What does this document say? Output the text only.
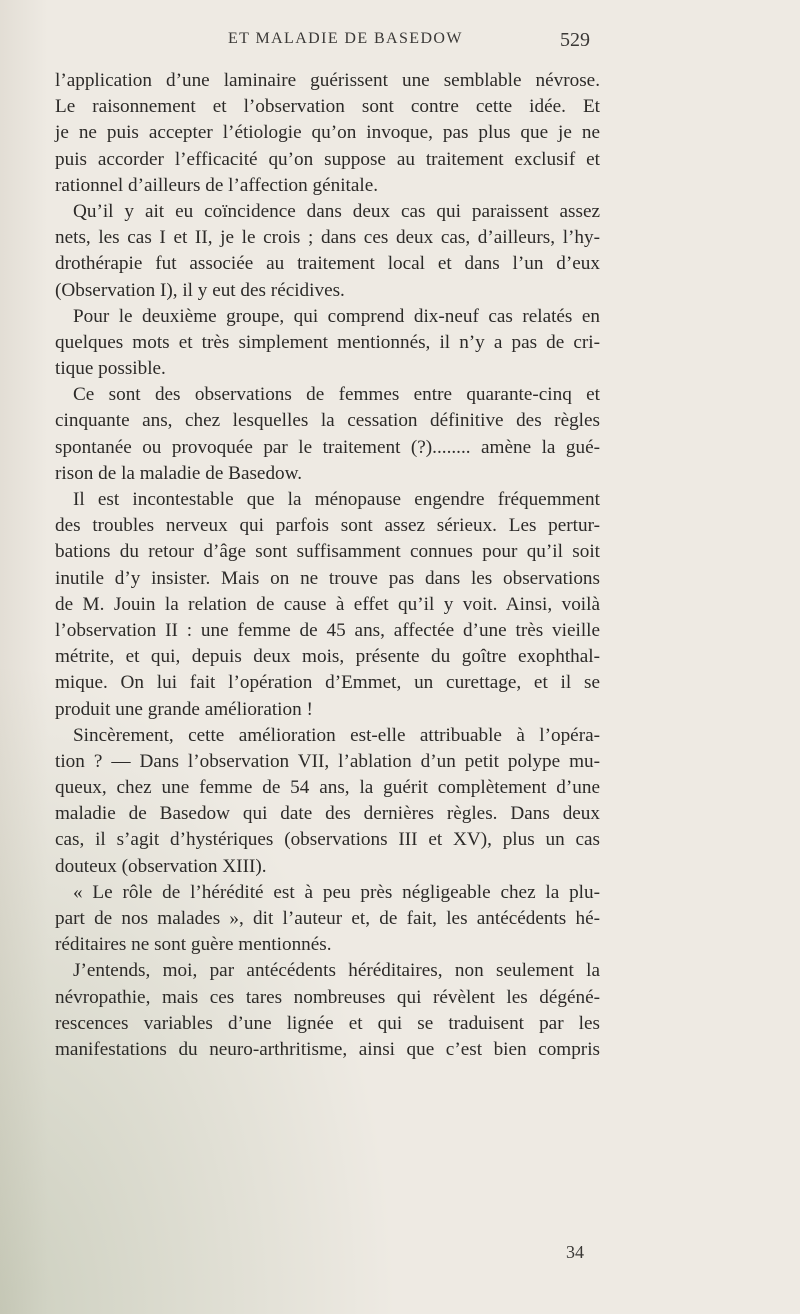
ET MALADIE DE BASEDOW	529
l’application d’une laminaire guérissent une semblable névrose.
Le raisonnement et l’observation sont contre cette idée. Et
je ne puis accepter l’étiologie qu’on invoque, pas plus que je ne
puis accorder l’efficacité qu’on suppose au traitement exclusif et
rationnel d’ailleurs de l’affection génitale.
Qu’il y ait eu coïncidence dans deux cas qui paraissent assez
nets, les cas I et II, je le crois ; dans ces deux cas, d’ailleurs, l’hy-
drothérapie fut associée au traitement local et dans l’un d’eux
(Observation I), il y eut des récidives.
Pour le deuxième groupe, qui comprend dix-neuf cas relatés en
quelques mots et très simplement mentionnés, il n’y a pas de cri-
tique possible.
Ce sont des observations de femmes entre quarante-cinq et
cinquante ans, chez lesquelles la cessation définitive des règles
spontanée ou provoquée par le traitement (?)........ amène la gué-
rison de la maladie de Basedow.
Il est incontestable que la ménopause engendre fréquemment
des troubles nerveux qui parfois sont assez sérieux. Les pertur-
bations du retour d’âge sont suffisamment connues pour qu’il soit
inutile d’y insister. Mais on ne trouve pas dans les observations
de M. Jouin la relation de cause à effet qu’il y voit. Ainsi, voilà
l’observation II : une femme de 45 ans, affectée d’une très vieille
métrite, et qui, depuis deux mois, présente du goître exophthal-
mique. On lui fait l’opération d’Emmet, un curettage, et il se
produit une grande amélioration !
Sincèrement, cette amélioration est-elle attribuable à l’opéra-
tion ? — Dans l’observation VII, l’ablation d’un petit polype mu-
queux, chez une femme de 54 ans, la guérit complètement d’une
maladie de Basedow qui date des dernières règles. Dans deux
cas, il s’agit d’hystériques (observations III et XV), plus un cas
douteux (observation XIII).
« Le rôle de l’hérédité est à peu près négligeable chez la plu-
part de nos malades », dit l’auteur et, de fait, les antécédents hé-
réditaires ne sont guère mentionnés.
J’entends, moi, par antécédents héréditaires, non seulement la
névropathie, mais ces tares nombreuses qui révèlent les dégéné-
rescences variables d’une lignée et qui se traduisent par les
manifestations du neuro-arthritisme, ainsi que c’est bien compris
34
